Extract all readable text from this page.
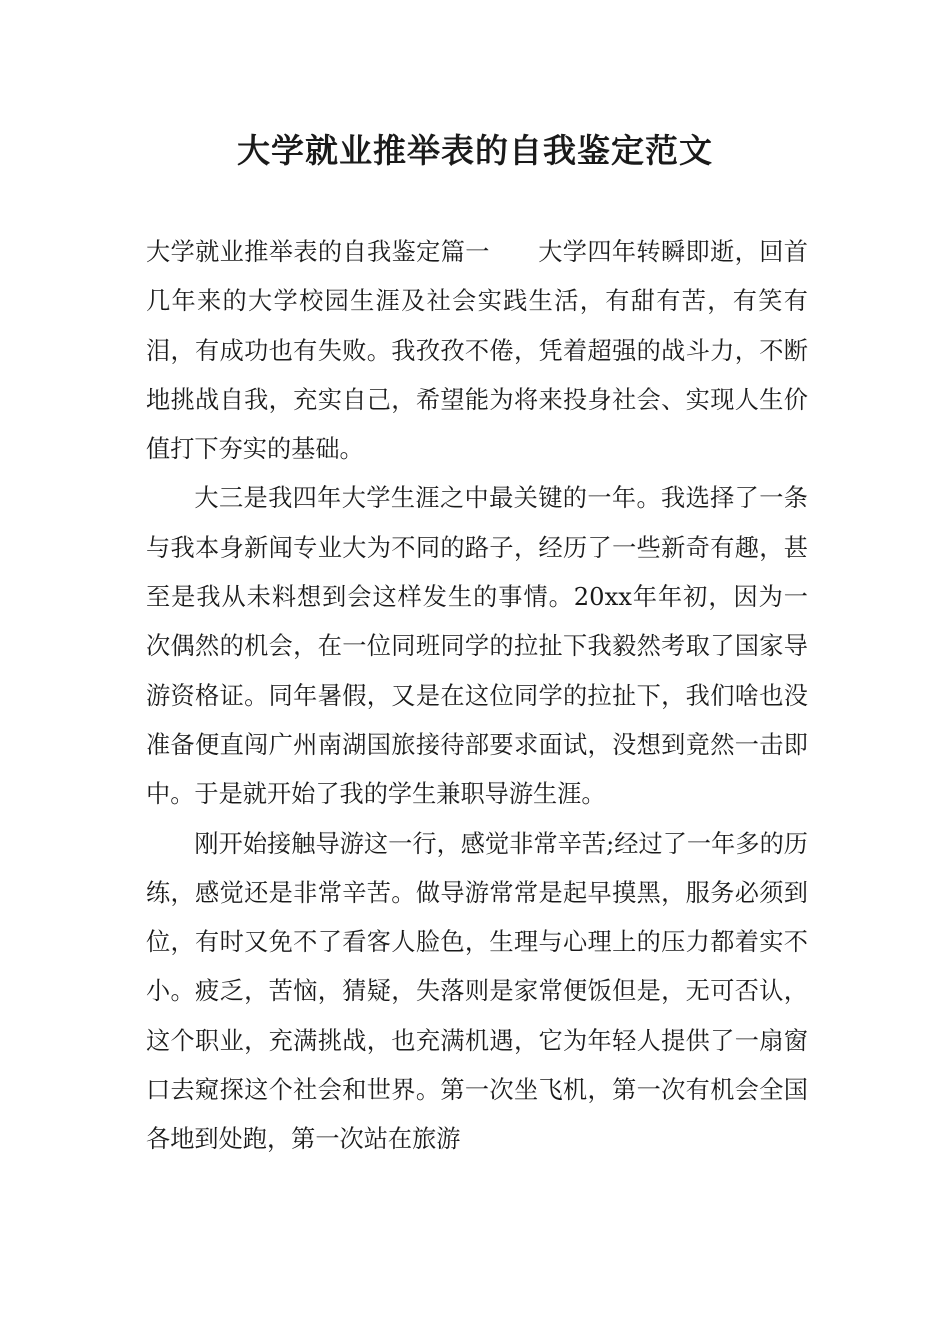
大学就业推举表的自我鉴定范文

大学就业推举表的自我鉴定篇一 大学四年转瞬即逝，回首几年来的大学校园生涯及社会实践生活，有甜有苦，有笑有泪，有成功也有失败。我孜孜不倦，凭着超强的战斗力，不断地挑战自我，充实自己，希望能为将来投身社会、实现人生价值打下夯实的基础。

大三是我四年大学生涯之中最关键的一年。我选择了一条与我本身新闻专业大为不同的路子，经历了一些新奇有趣，甚至是我从未料想到会这样发生的事情。20xx年年初，因为一次偶然的机会，在一位同班同学的拉扯下我毅然考取了国家导游资格证。同年暑假，又是在这位同学的拉扯下，我们啥也没准备便直闯广州南湖国旅接待部要求面试，没想到竟然一击即中。于是就开始了我的学生兼职导游生涯。

刚开始接触导游这一行，感觉非常辛苦;经过了一年多的历练，感觉还是非常辛苦。做导游常常是起早摸黑，服务必须到位，有时又免不了看客人脸色，生理与心理上的压力都着实不小。疲乏，苦恼，猜疑，失落则是家常便饭但是，无可否认，这个职业，充满挑战，也充满机遇，它为年轻人提供了一扇窗口去窥探这个社会和世界。第一次坐飞机，第一次有机会全国各地到处跑，第一次站在旅游
